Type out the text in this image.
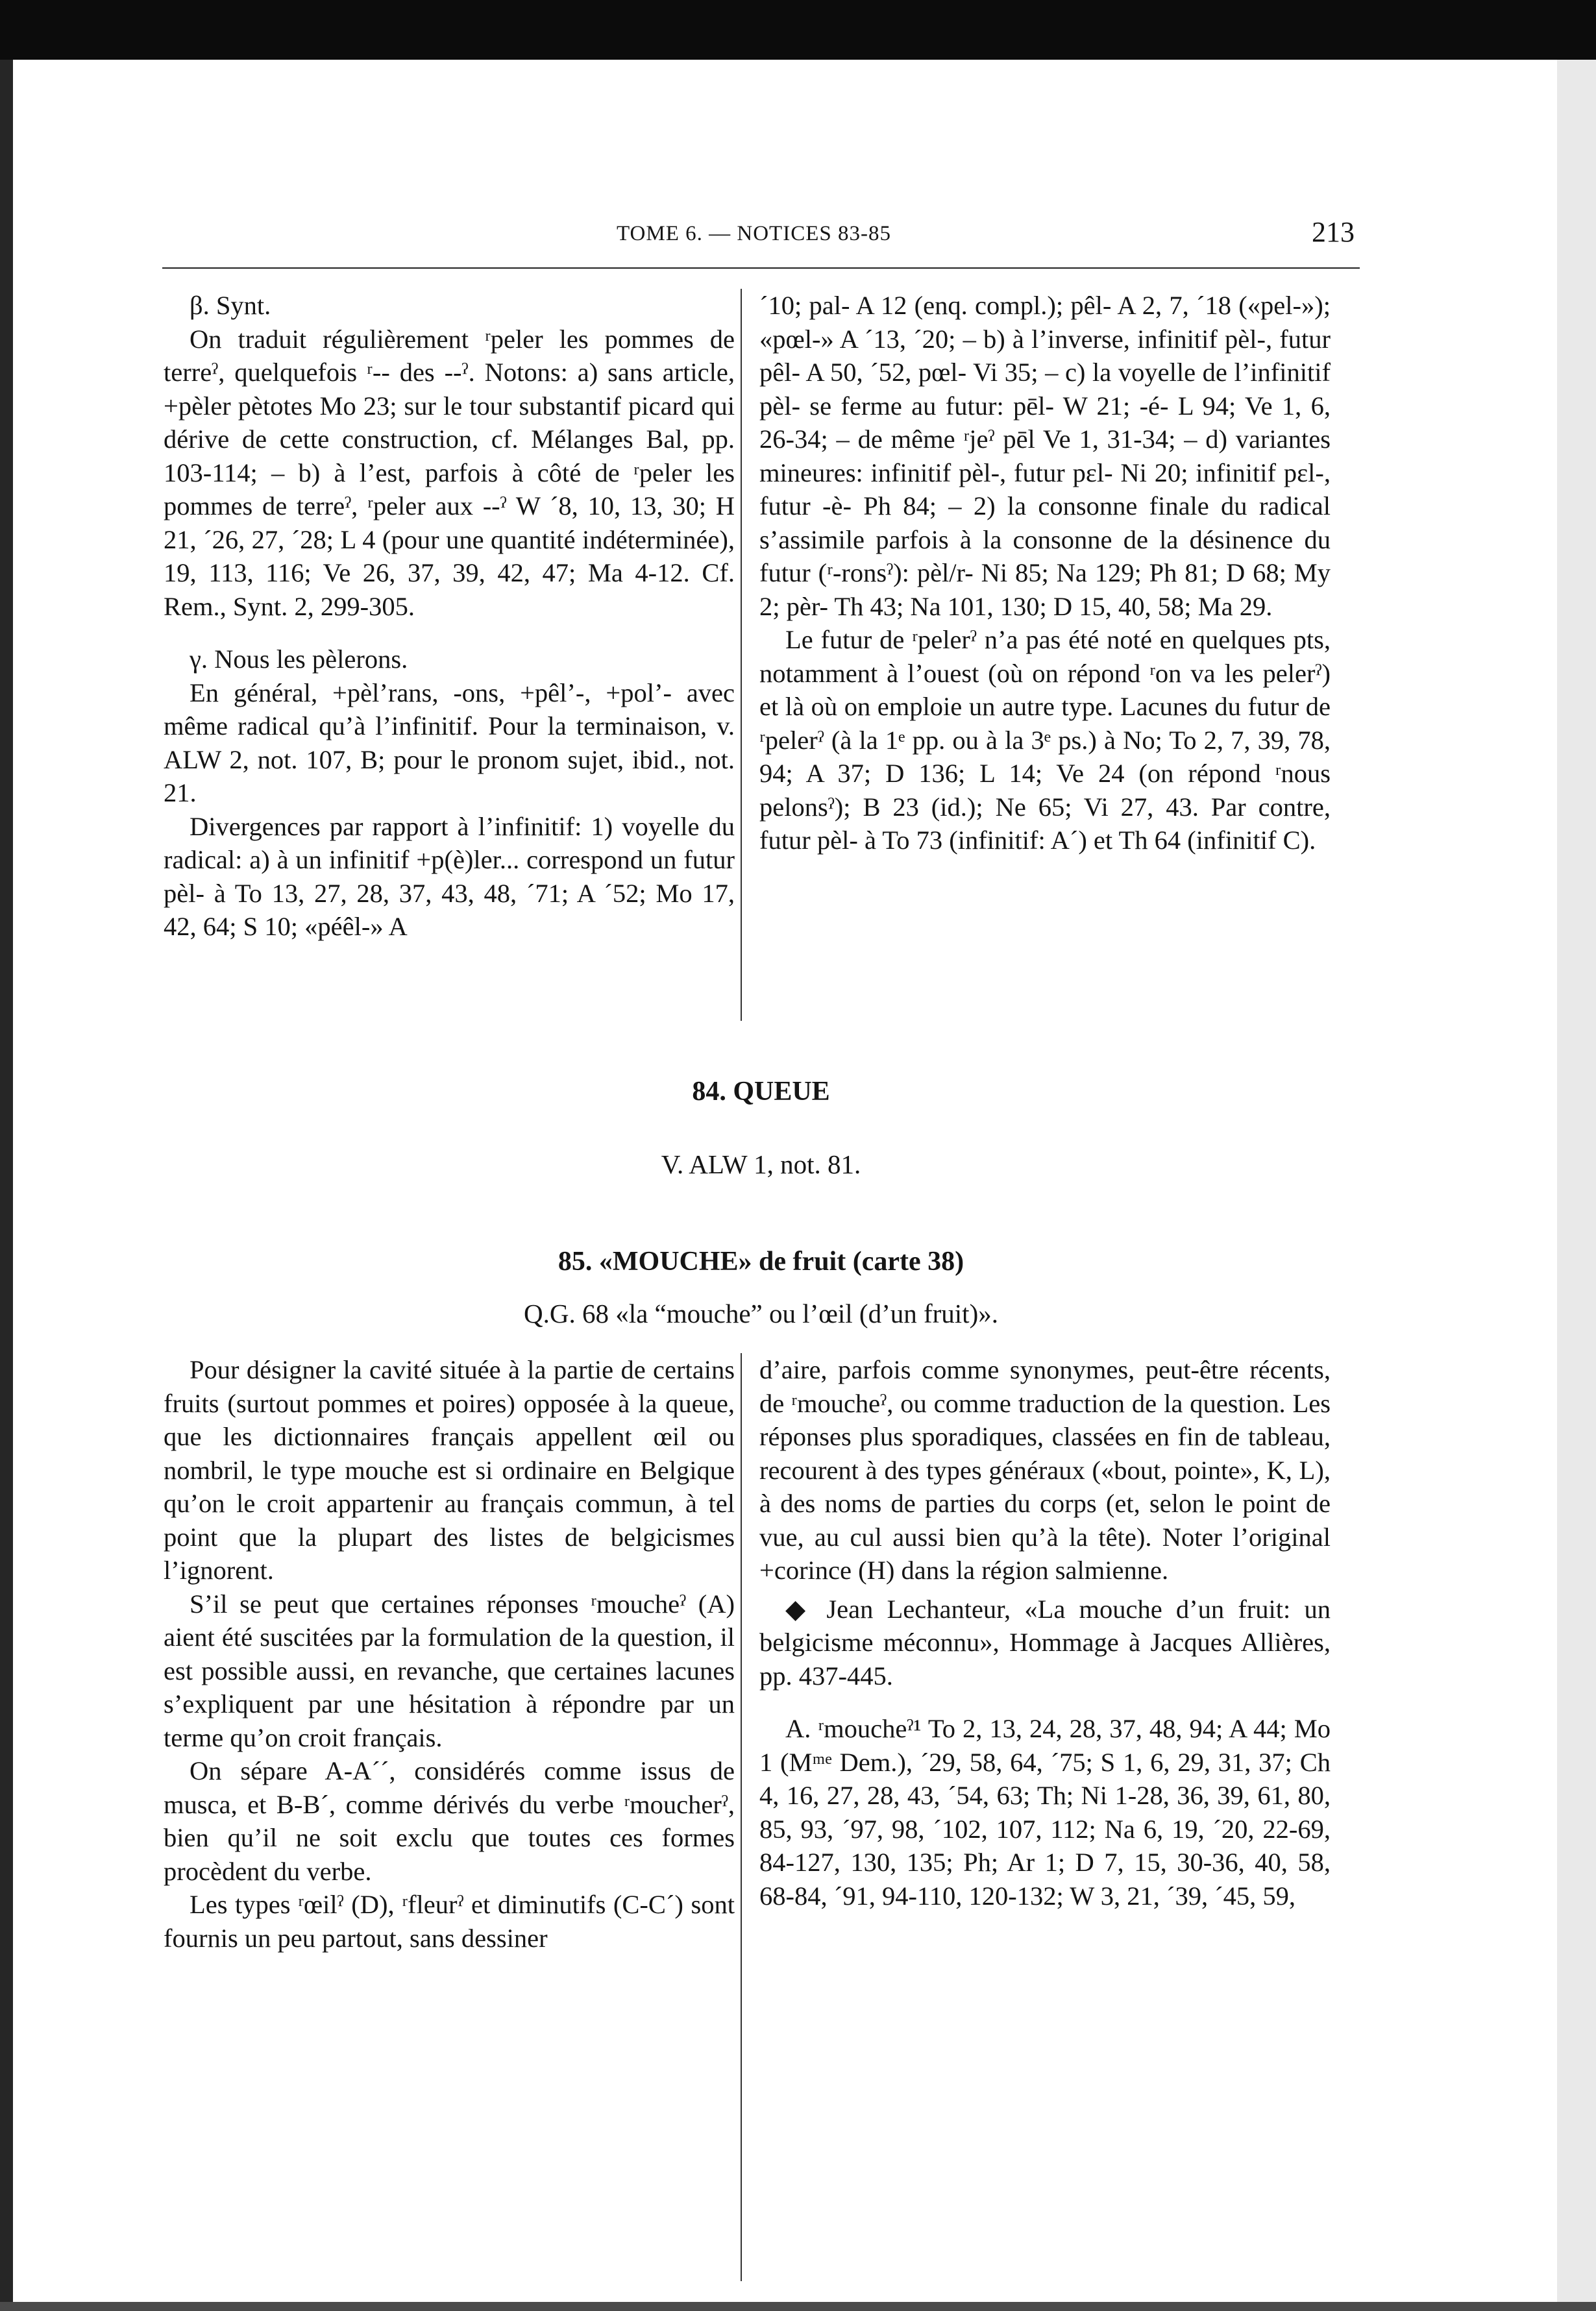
TOME 6. — NOTICES 83-85	213

β. Synt.

On traduit régulièrement ʳpeler les pommes de terreˀ, quelquefois ʳ-- des --ˀ. Notons: a) sans article, +pèler pètotes Mo 23; sur le tour substantif picard qui dérive de cette construction, cf. Mélanges Bal, pp. 103-114; – b) à l’est, parfois à côté de ʳpeler les pommes de terreˀ, ʳpeler aux --ˀ W ´8, 10, 13, 30; H 21, ´26, 27, ´28; L 4 (pour une quantité indéterminée), 19, 113, 116; Ve 26, 37, 39, 42, 47; Ma 4-12. Cf. Rem., Synt. 2, 299-305.

γ. Nous les pèlerons.

En général, +pèl’rans, -ons, +pêl’-, +pol’- avec même radical qu’à l’infinitif. Pour la terminaison, v. ALW 2, not. 107, B; pour le pronom sujet, ibid., not. 21.

Divergences par rapport à l’infinitif: 1) voyelle du radical: a) à un infinitif +p(è)ler... correspond un futur pèl- à To 13, 27, 28, 37, 43, 48, ´71; A ´52; Mo 17, 42, 64; S 10; «péêl-» A

´10; pal- A 12 (enq. compl.); pêl- A 2, 7, ´18 («pel-»); «pœl-» A ´13, ´20; – b) à l’inverse, infinitif pèl-, futur pêl- A 50, ´52, pœl- Vi 35; – c) la voyelle de l’infinitif pèl- se ferme au futur: pēl- W 21; -é- L 94; Ve 1, 6, 26-34; – de même ʳjeˀ pēl Ve 1, 31-34; – d) variantes mineures: infinitif pèl-, futur pɛl- Ni 20; infinitif pɛl-, futur -è- Ph 84; – 2) la consonne finale du radical s’assimile parfois à la consonne de la désinence du futur (ʳ-ronsˀ): pèl/r- Ni 85; Na 129; Ph 81; D 68; My 2; pèr- Th 43; Na 101, 130; D 15, 40, 58; Ma 29.

Le futur de ʳpelerˀ n’a pas été noté en quelques pts, notamment à l’ouest (où on répond ʳon va les pelerˀ) et là où on emploie un autre type. Lacunes du futur de ʳpelerˀ (à la 1ᵉ pp. ou à la 3ᵉ ps.) à No; To 2, 7, 39, 78, 94; A 37; D 136; L 14; Ve 24 (on répond ʳnous pelonsˀ); B 23 (id.); Ne 65; Vi 27, 43. Par contre, futur pèl- à To 73 (infinitif: A´) et Th 64 (infinitif C).

84. QUEUE
V. ALW 1, not. 81.
85. «MOUCHE» de fruit (carte 38)
Q.G. 68 «la “mouche” ou l’œil (d’un fruit)».

Pour désigner la cavité située à la partie de certains fruits (surtout pommes et poires) opposée à la queue, que les dictionnaires français appellent œil ou nombril, le type mouche est si ordinaire en Belgique qu’on le croit appartenir au français commun, à tel point que la plupart des listes de belgicismes l’ignorent.

S’il se peut que certaines réponses ʳmoucheˀ (A) aient été suscitées par la formulation de la question, il est possible aussi, en revanche, que certaines lacunes s’expliquent par une hésitation à répondre par un terme qu’on croit français.

On sépare A-A´´, considérés comme issus de musca, et B-B´, comme dérivés du verbe ʳmoucherˀ, bien qu’il ne soit exclu que toutes ces formes procèdent du verbe.

Les types ʳœilˀ (D), ʳfleurˀ et diminutifs (C-C´) sont fournis un peu partout, sans dessiner

d’aire, parfois comme synonymes, peut-être récents, de ʳmoucheˀ, ou comme traduction de la question. Les réponses plus sporadiques, classées en fin de tableau, recourent à des types généraux («bout, pointe», K, L), à des noms de parties du corps (et, selon le point de vue, au cul aussi bien qu’à la tête). Noter l’original +corince (H) dans la région salmienne.

◆ Jean Lechanteur, «La mouche d’un fruit: un belgicisme méconnu», Hommage à Jacques Allières, pp. 437-445.

A. ʳmoucheˀ¹ To 2, 13, 24, 28, 37, 48, 94; A 44; Mo 1 (Mᵐᵉ Dem.), ´29, 58, 64, ´75; S 1, 6, 29, 31, 37; Ch 4, 16, 27, 28, 43, ´54, 63; Th; Ni 1-28, 36, 39, 61, 80, 85, 93, ´97, 98, ´102, 107, 112; Na 6, 19, ´20, 22-69, 84-127, 130, 135; Ph; Ar 1; D 7, 15, 30-36, 40, 58, 68-84, ´91, 94-110, 120-132; W 3, 21, ´39, ´45, 59,
